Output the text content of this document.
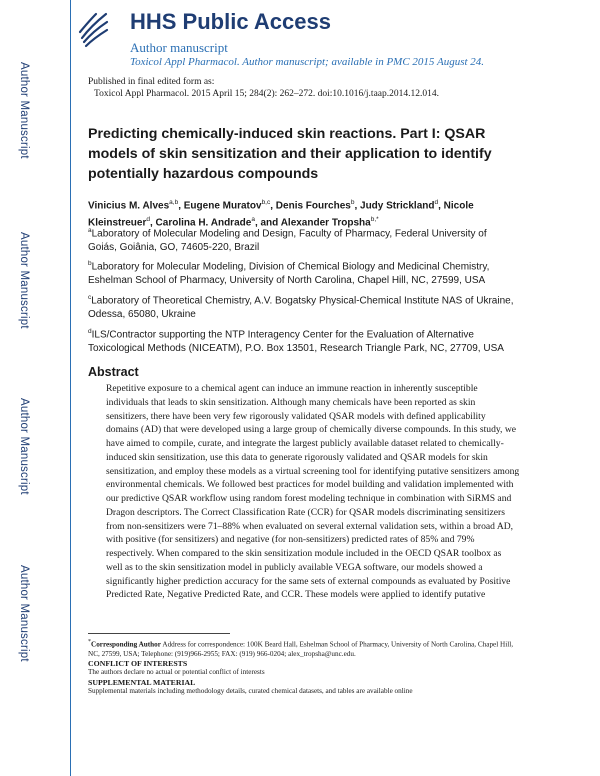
Author Manuscript
Author Manuscript
Author Manuscript
Author Manuscript
HHS Public Access
Author manuscript
Toxicol Appl Pharmacol. Author manuscript; available in PMC 2015 August 24.
Published in final edited form as:
Toxicol Appl Pharmacol. 2015 April 15; 284(2): 262–272. doi:10.1016/j.taap.2014.12.014.
Predicting chemically-induced skin reactions. Part I: QSAR models of skin sensitization and their application to identify potentially hazardous compounds
Vinicius M. Alves$^{a,b}$, Eugene Muratov$^{b,c}$, Denis Fourches$^b$, Judy Strickland$^d$, Nicole Kleinstreuer$^d$, Carolina H. Andrade$^a$, and Alexander Tropsha$^{b,*}$
$^a$Laboratory of Molecular Modeling and Design, Faculty of Pharmacy, Federal University of Goiás, Goiânia, GO, 74605-220, Brazil
$^b$Laboratory for Molecular Modeling, Division of Chemical Biology and Medicinal Chemistry, Eshelman School of Pharmacy, University of North Carolina, Chapel Hill, NC, 27599, USA
$^c$Laboratory of Theoretical Chemistry, A.V. Bogatsky Physical-Chemical Institute NAS of Ukraine, Odessa, 65080, Ukraine
$^d$ILS/Contractor supporting the NTP Interagency Center for the Evaluation of Alternative Toxicological Methods (NICEATM), P.O. Box 13501, Research Triangle Park, NC, 27709, USA
Abstract
Repetitive exposure to a chemical agent can induce an immune reaction in inherently susceptible individuals that leads to skin sensitization. Although many chemicals have been reported as skin sensitizers, there have been very few rigorously validated QSAR models with defined applicability domains (AD) that were developed using a large group of chemically diverse compounds. In this study, we have aimed to compile, curate, and integrate the largest publicly available dataset related to chemically-induced skin sensitization, use this data to generate rigorously validated and QSAR models for skin sensitization, and employ these models as a virtual screening tool for identifying putative sensitizers among environmental chemicals. We followed best practices for model building and validation implemented with our predictive QSAR workflow using random forest modeling technique in combination with SiRMS and Dragon descriptors. The Correct Classification Rate (CCR) for QSAR models discriminating sensitizers from non-sensitizers were 71–88% when evaluated on several external validation sets, within a broad AD, with positive (for sensitizers) and negative (for non-sensitizers) predicted rates of 85% and 79% respectively. When compared to the skin sensitization module included in the OECD QSAR toolbox as well as to the skin sensitization model in publicly available VEGA software, our models showed a significantly higher prediction accuracy for the same sets of external compounds as evaluated by Positive Predicted Rate, Negative Predicted Rate, and CCR. These models were applied to identify putative
*Corresponding Author Address for correspondence: 100K Beard Hall, Eshelman School of Pharmacy, University of North Carolina, Chapel Hill, NC, 27599, USA; Telephone: (919)966-2955; FAX: (919) 966-0204; alex_tropsha@unc.edu.
CONFLICT OF INTERESTS
The authors declare no actual or potential conflict of interests
SUPPLEMENTAL MATERIAL
Supplemental materials including methodology details, curated chemical datasets, and tables are available online
